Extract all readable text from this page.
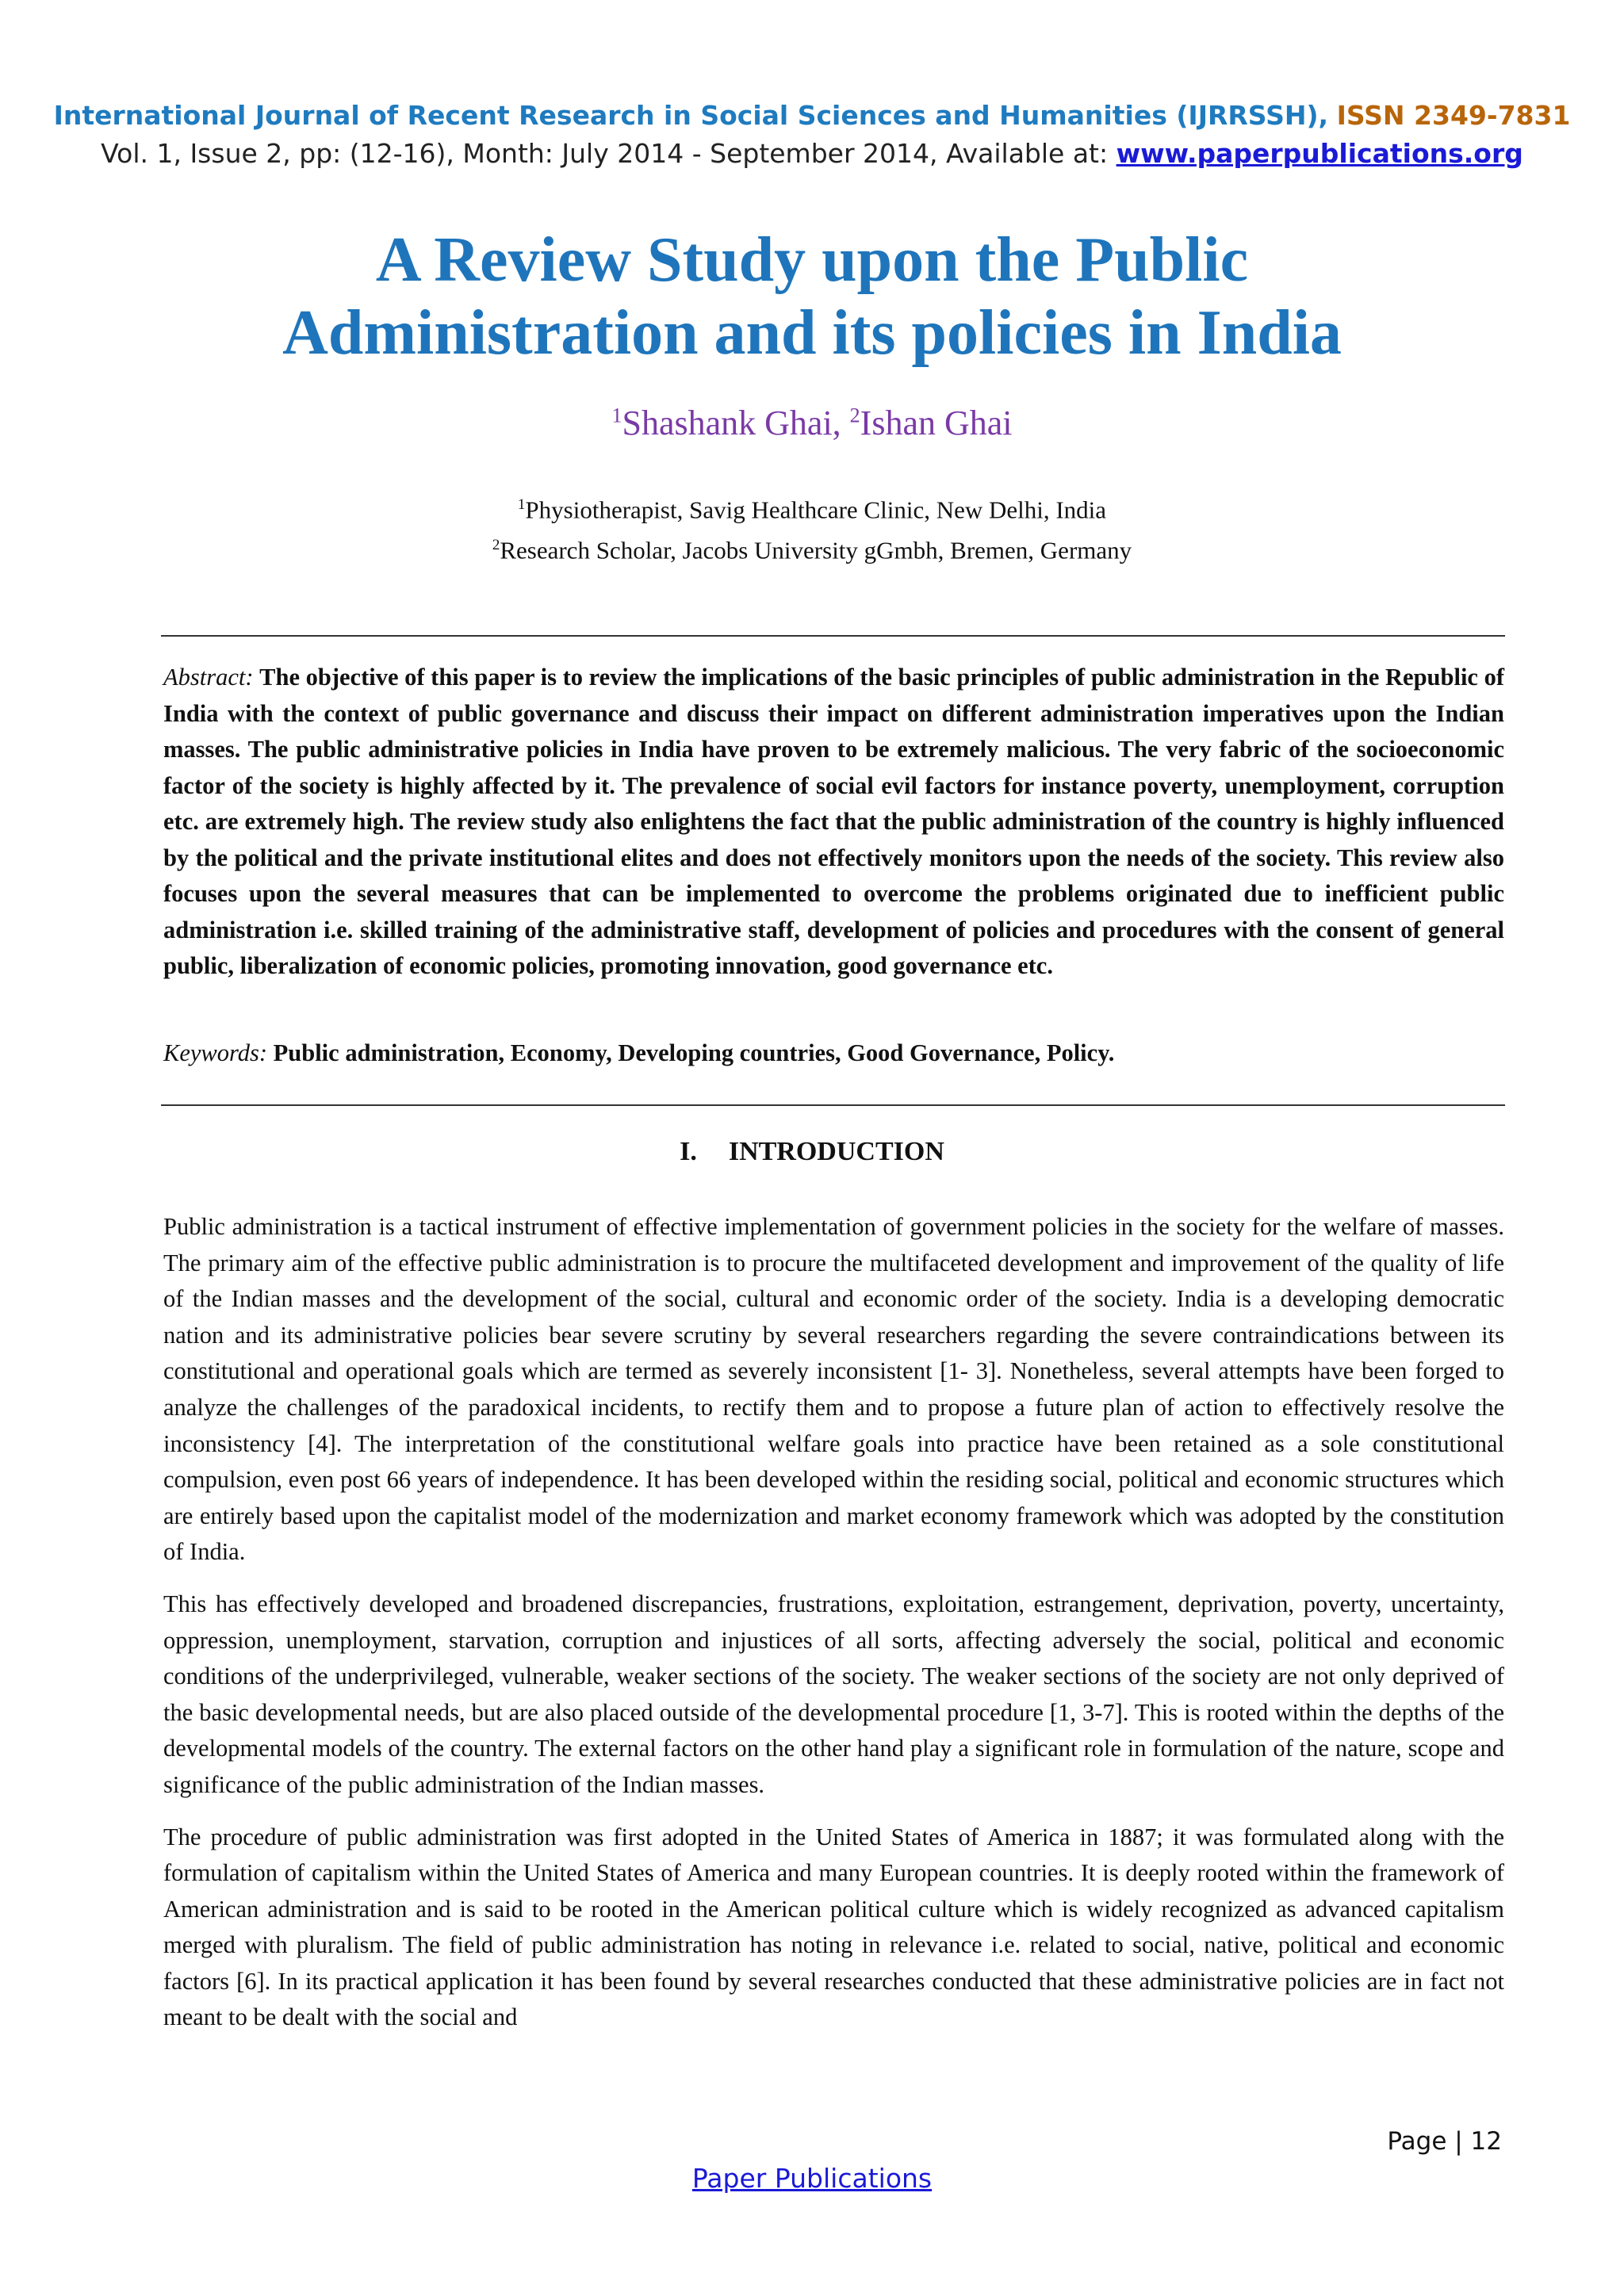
International Journal of Recent Research in Social Sciences and Humanities (IJRRSSH), ISSN 2349-7831
Vol. 1, Issue 2, pp: (12-16), Month: July 2014 - September 2014, Available at: www.paperpublications.org
A Review Study upon the Public
Administration and its policies in India
$^1$Shashank Ghai, $^2$Ishan Ghai
$^1$Physiotherapist, Savig Healthcare Clinic, New Delhi, India
$^2$Research Scholar, Jacobs University gGmbh, Bremen, Germany
Abstract: The objective of this paper is to review the implications of the basic principles of public administration in the Republic of India with the context of public governance and discuss their impact on different administration imperatives upon the Indian masses. The public administrative policies in India have proven to be extremely malicious. The very fabric of the socioeconomic factor of the society is highly affected by it. The prevalence of social evil factors for instance poverty, unemployment, corruption etc. are extremely high. The review study also enlightens the fact that the public administration of the country is highly influenced by the political and the private institutional elites and does not effectively monitors upon the needs of the society. This review also focuses upon the several measures that can be implemented to overcome the problems originated due to inefficient public administration i.e. skilled training of the administrative staff, development of policies and procedures with the consent of general public, liberalization of economic policies, promoting innovation, good governance etc.
Keywords: Public administration, Economy, Developing countries, Good Governance, Policy.
I. INTRODUCTION

Public administration is a tactical instrument of effective implementation of government policies in the society for the welfare of masses. The primary aim of the effective public administration is to procure the multifaceted development and improvement of the quality of life of the Indian masses and the development of the social, cultural and economic order of the society. India is a developing democratic nation and its administrative policies bear severe scrutiny by several researchers regarding the severe contraindications between its constitutional and operational goals which are termed as severely inconsistent [1- 3]. Nonetheless, several attempts have been forged to analyze the challenges of the paradoxical incidents, to rectify them and to propose a future plan of action to effectively resolve the inconsistency [4]. The interpretation of the constitutional welfare goals into practice have been retained as a sole constitutional compulsion, even post 66 years of independence. It has been developed within the residing social, political and economic structures which are entirely based upon the capitalist model of the modernization and market economy framework which was adopted by the constitution of India.

This has effectively developed and broadened discrepancies, frustrations, exploitation, estrangement, deprivation, poverty, uncertainty, oppression, unemployment, starvation, corruption and injustices of all sorts, affecting adversely the social, political and economic conditions of the underprivileged, vulnerable, weaker sections of the society. The weaker sections of the society are not only deprived of the basic developmental needs, but are also placed outside of the developmental procedure [1, 3-7]. This is rooted within the depths of the developmental models of the country. The external factors on the other hand play a significant role in formulation of the nature, scope and significance of the public administration of the Indian masses.

The procedure of public administration was first adopted in the United States of America in 1887; it was formulated along with the formulation of capitalism within the United States of America and many European countries. It is deeply rooted within the framework of American administration and is said to be rooted in the American political culture which is widely recognized as advanced capitalism merged with pluralism. The field of public administration has noting in relevance i.e. related to social, native, political and economic factors [6]. In its practical application it has been found by several researches conducted that these administrative policies are in fact not meant to be dealt with the social and

Page | 12
Paper Publications
